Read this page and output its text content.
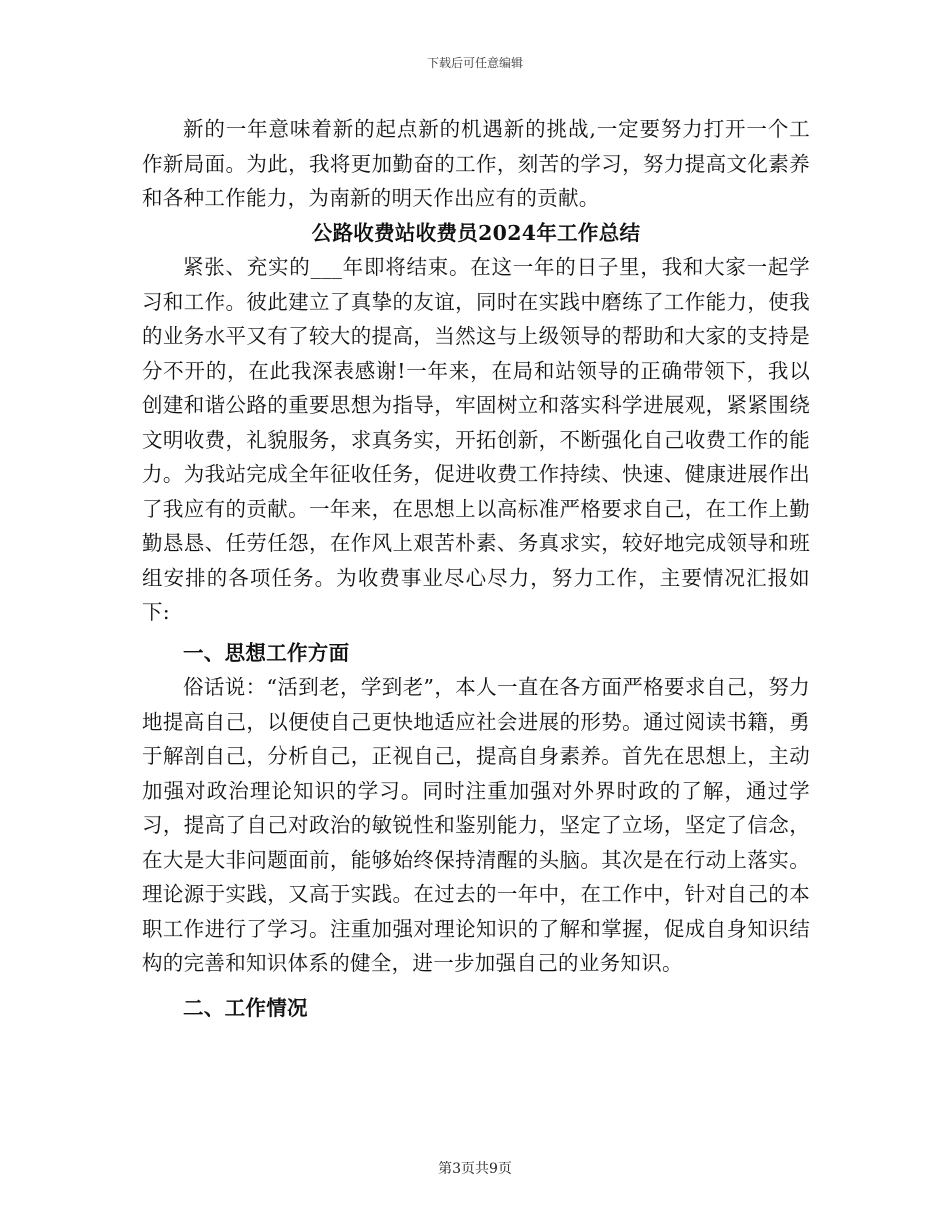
下载后可任意编辑

新的一年意味着新的起点新的机遇新的挑战,一定要努力打开一个工作新局面。为此，我将更加勤奋的工作，刻苦的学习，努力提高文化素养和各种工作能力，为南新的明天作出应有的贡献。

公路收费站收费员2024年工作总结

紧张、充实的___年即将结束。在这一年的日子里，我和大家一起学习和工作。彼此建立了真挚的友谊，同时在实践中磨练了工作能力，使我的业务水平又有了较大的提高，当然这与上级领导的帮助和大家的支持是分不开的，在此我深表感谢!一年来，在局和站领导的正确带领下，我以创建和谐公路的重要思想为指导，牢固树立和落实科学进展观，紧紧围绕文明收费，礼貌服务，求真务实，开拓创新，不断强化自己收费工作的能力。为我站完成全年征收任务，促进收费工作持续、快速、健康进展作出了我应有的贡献。一年来，在思想上以高标准严格要求自己，在工作上勤勤恳恳、任劳任怨，在作风上艰苦朴素、务真求实，较好地完成领导和班组安排的各项任务。为收费事业尽心尽力，努力工作，主要情况汇报如下:

一、思想工作方面

俗话说：“活到老，学到老”，本人一直在各方面严格要求自己，努力地提高自己，以便使自己更快地适应社会进展的形势。通过阅读书籍，勇于解剖自己，分析自己，正视自己，提高自身素养。首先在思想上，主动加强对政治理论知识的学习。同时注重加强对外界时政的了解，通过学习，提高了自己对政治的敏锐性和鉴别能力，坚定了立场，坚定了信念，在大是大非问题面前，能够始终保持清醒的头脑。其次是在行动上落实。理论源于实践，又高于实践。在过去的一年中，在工作中，针对自己的本职工作进行了学习。注重加强对理论知识的了解和掌握，促成自身知识结构的完善和知识体系的健全，进一步加强自己的业务知识。

二、工作情况

第3页共9页
